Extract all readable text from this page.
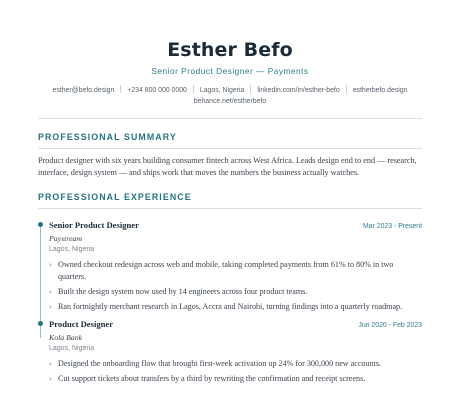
Esther Befo
Senior Product Designer — Payments
esther@befo.design +234 800 000 0000 Lagos, Nigeria linkedin.com/in/esther-befo estherbefo.design
behance.net/estherbefo
PROFESSIONAL SUMMARY

Product designer with six years building consumer fintech across West Africa. Leads design end to end — research, interface, design system — and ships work that moves the numbers the business actually watches.

PROFESSIONAL EXPERIENCE
Senior Product Designer	Mar 2023 - Present
Paystream
Lagos, Nigeria
› Owned checkout redesign across web and mobile, taking completed payments from 61% to 80% in two quarters.
› Built the design system now used by 14 engineers across four product teams.
› Ran fortnightly merchant research in Lagos, Accra and Nairobi, turning findings into a quarterly roadmap.
Product Designer	Jun 2020 - Feb 2023
Kola Bank
Lagos, Nigeria
› Designed the onboarding flow that brought first-week activation up 24% for 300,000 new accounts.
› Cut support tickets about transfers by a third by rewriting the confirmation and receipt screens.
